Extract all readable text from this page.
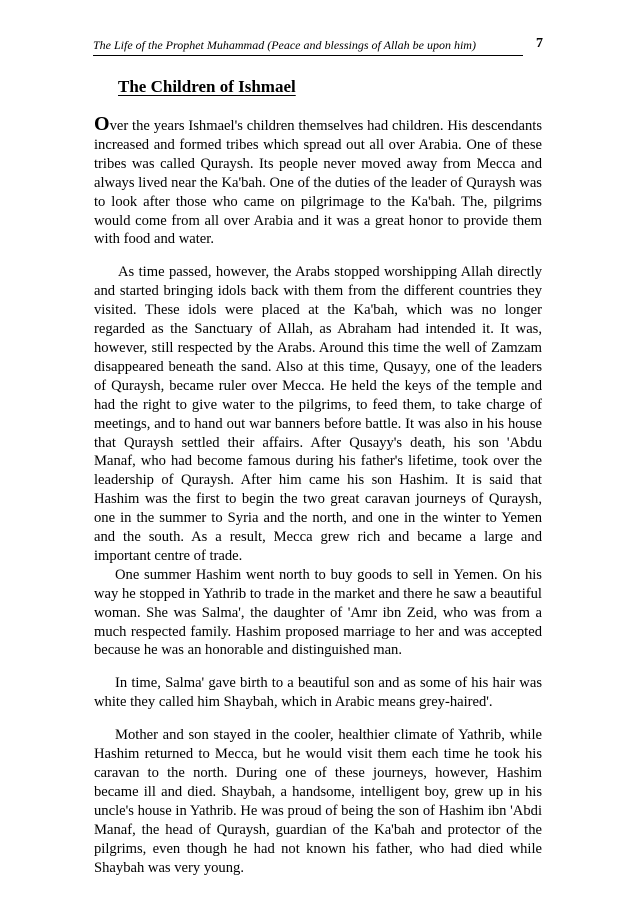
The Life of the Prophet Muhammad (Peace and blessings of Allah be upon him)	7
The Children of Ishmael

Over the years Ishmael's children themselves had children. His descendants increased and formed tribes which spread out all over Arabia. One of these tribes was called Quraysh. Its people never moved away from Mecca and always lived near the Ka'bah. One of the duties of the leader of Quraysh was to look after those who came on pilgrimage to the Ka'bah. The, pilgrims would come from all over Arabia and it was a great honor to provide them with food and water.

As time passed, however, the Arabs stopped worshipping Allah directly and started bringing idols back with them from the different countries they visited. These idols were placed at the Ka'bah, which was no longer regarded as the Sanctuary of Allah, as Abraham had intended it. It was, however, still respected by the Arabs. Around this time the well of Zamzam disappeared beneath the sand. Also at this time, Qusayy, one of the leaders of Quraysh, became ruler over Mecca. He held the keys of the temple and had the right to give water to the pilgrims, to feed them, to take charge of meetings, and to hand out war banners before battle. It was also in his house that Quraysh settled their affairs. After Qusayy's death, his son 'Abdu Manaf, who had become famous during his father's lifetime, took over the leadership of Quraysh. After him came his son Hashim. It is said that Hashim was the first to begin the two great caravan journeys of Quraysh, one in the summer to Syria and the north, and one in the winter to Yemen and the south. As a result, Mecca grew rich and became a large and important centre of trade.

One summer Hashim went north to buy goods to sell in Yemen. On his way he stopped in Yathrib to trade in the market and there he saw a beautiful woman. She was Salma', the daughter of 'Amr ibn Zeid, who was from a much respected family. Hashim proposed marriage to her and was accepted because he was an honorable and distinguished man.

In time, Salma' gave birth to a beautiful son and as some of his hair was white they called him Shaybah, which in Arabic means grey-haired'.

Mother and son stayed in the cooler, healthier climate of Yathrib, while Hashim returned to Mecca, but he would visit them each time he took his caravan to the north. During one of these journeys, however, Hashim became ill and died. Shaybah, a handsome, intelligent boy, grew up in his uncle's house in Yathrib. He was proud of being the son of Hashim ibn 'Abdi Manaf, the head of Quraysh, guardian of the Ka'bah and protector of the pilgrims, even though he had not known his father, who had died while Shaybah was very young.
